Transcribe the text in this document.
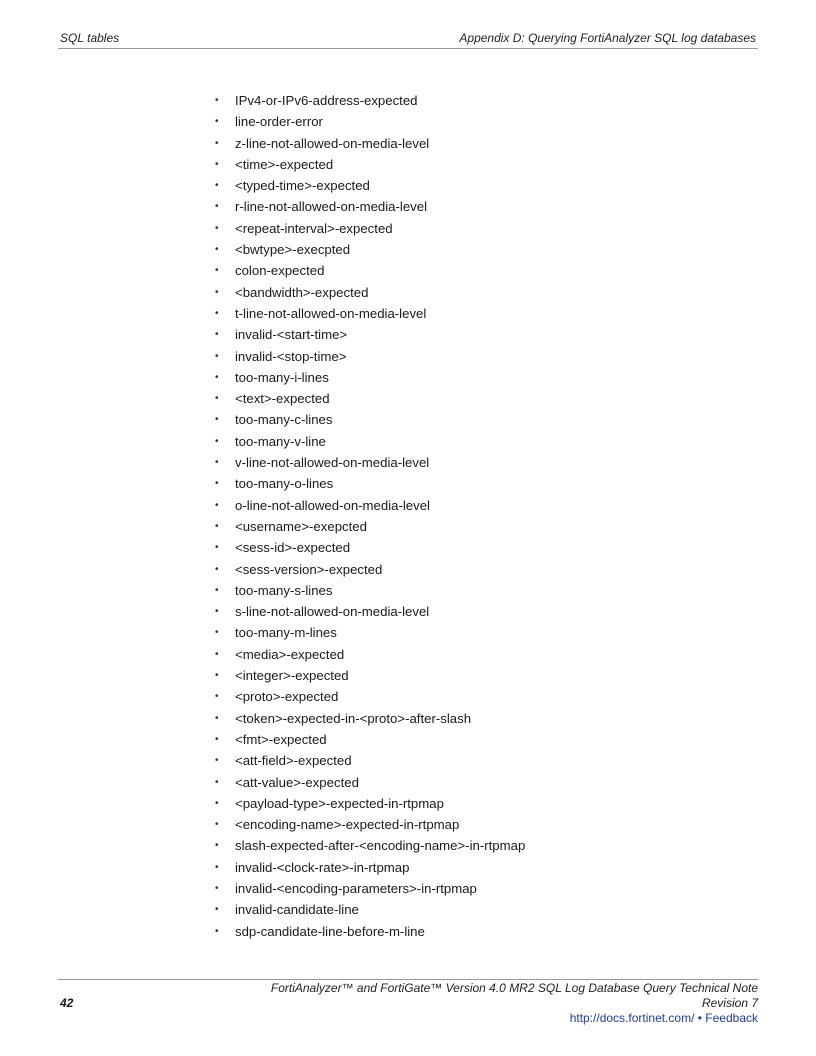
SQL tables	Appendix D: Querying FortiAnalyzer SQL log databases
• IPv4-or-IPv6-address-expected
• line-order-error
• z-line-not-allowed-on-media-level
• <time>-expected
• <typed-time>-expected
• r-line-not-allowed-on-media-level
• <repeat-interval>-expected
• <bwtype>-execpted
• colon-expected
• <bandwidth>-expected
• t-line-not-allowed-on-media-level
• invalid-<start-time>
• invalid-<stop-time>
• too-many-i-lines
• <text>-expected
• too-many-c-lines
• too-many-v-line
• v-line-not-allowed-on-media-level
• too-many-o-lines
• o-line-not-allowed-on-media-level
• <username>-exepcted
• <sess-id>-expected
• <sess-version>-expected
• too-many-s-lines
• s-line-not-allowed-on-media-level
• too-many-m-lines
• <media>-expected
• <integer>-expected
• <proto>-expected
• <token>-expected-in-<proto>-after-slash
• <fmt>-expected
• <att-field>-expected
• <att-value>-expected
• <payload-type>-expected-in-rtpmap
• <encoding-name>-expected-in-rtpmap
• slash-expected-after-<encoding-name>-in-rtpmap
• invalid-<clock-rate>-in-rtpmap
• invalid-<encoding-parameters>-in-rtpmap
• invalid-candidate-line
• sdp-candidate-line-before-m-line
42
FortiAnalyzer™ and FortiGate™ Version 4.0 MR2 SQL Log Database Query Technical Note
Revision 7
http://docs.fortinet.com/ • Feedback
